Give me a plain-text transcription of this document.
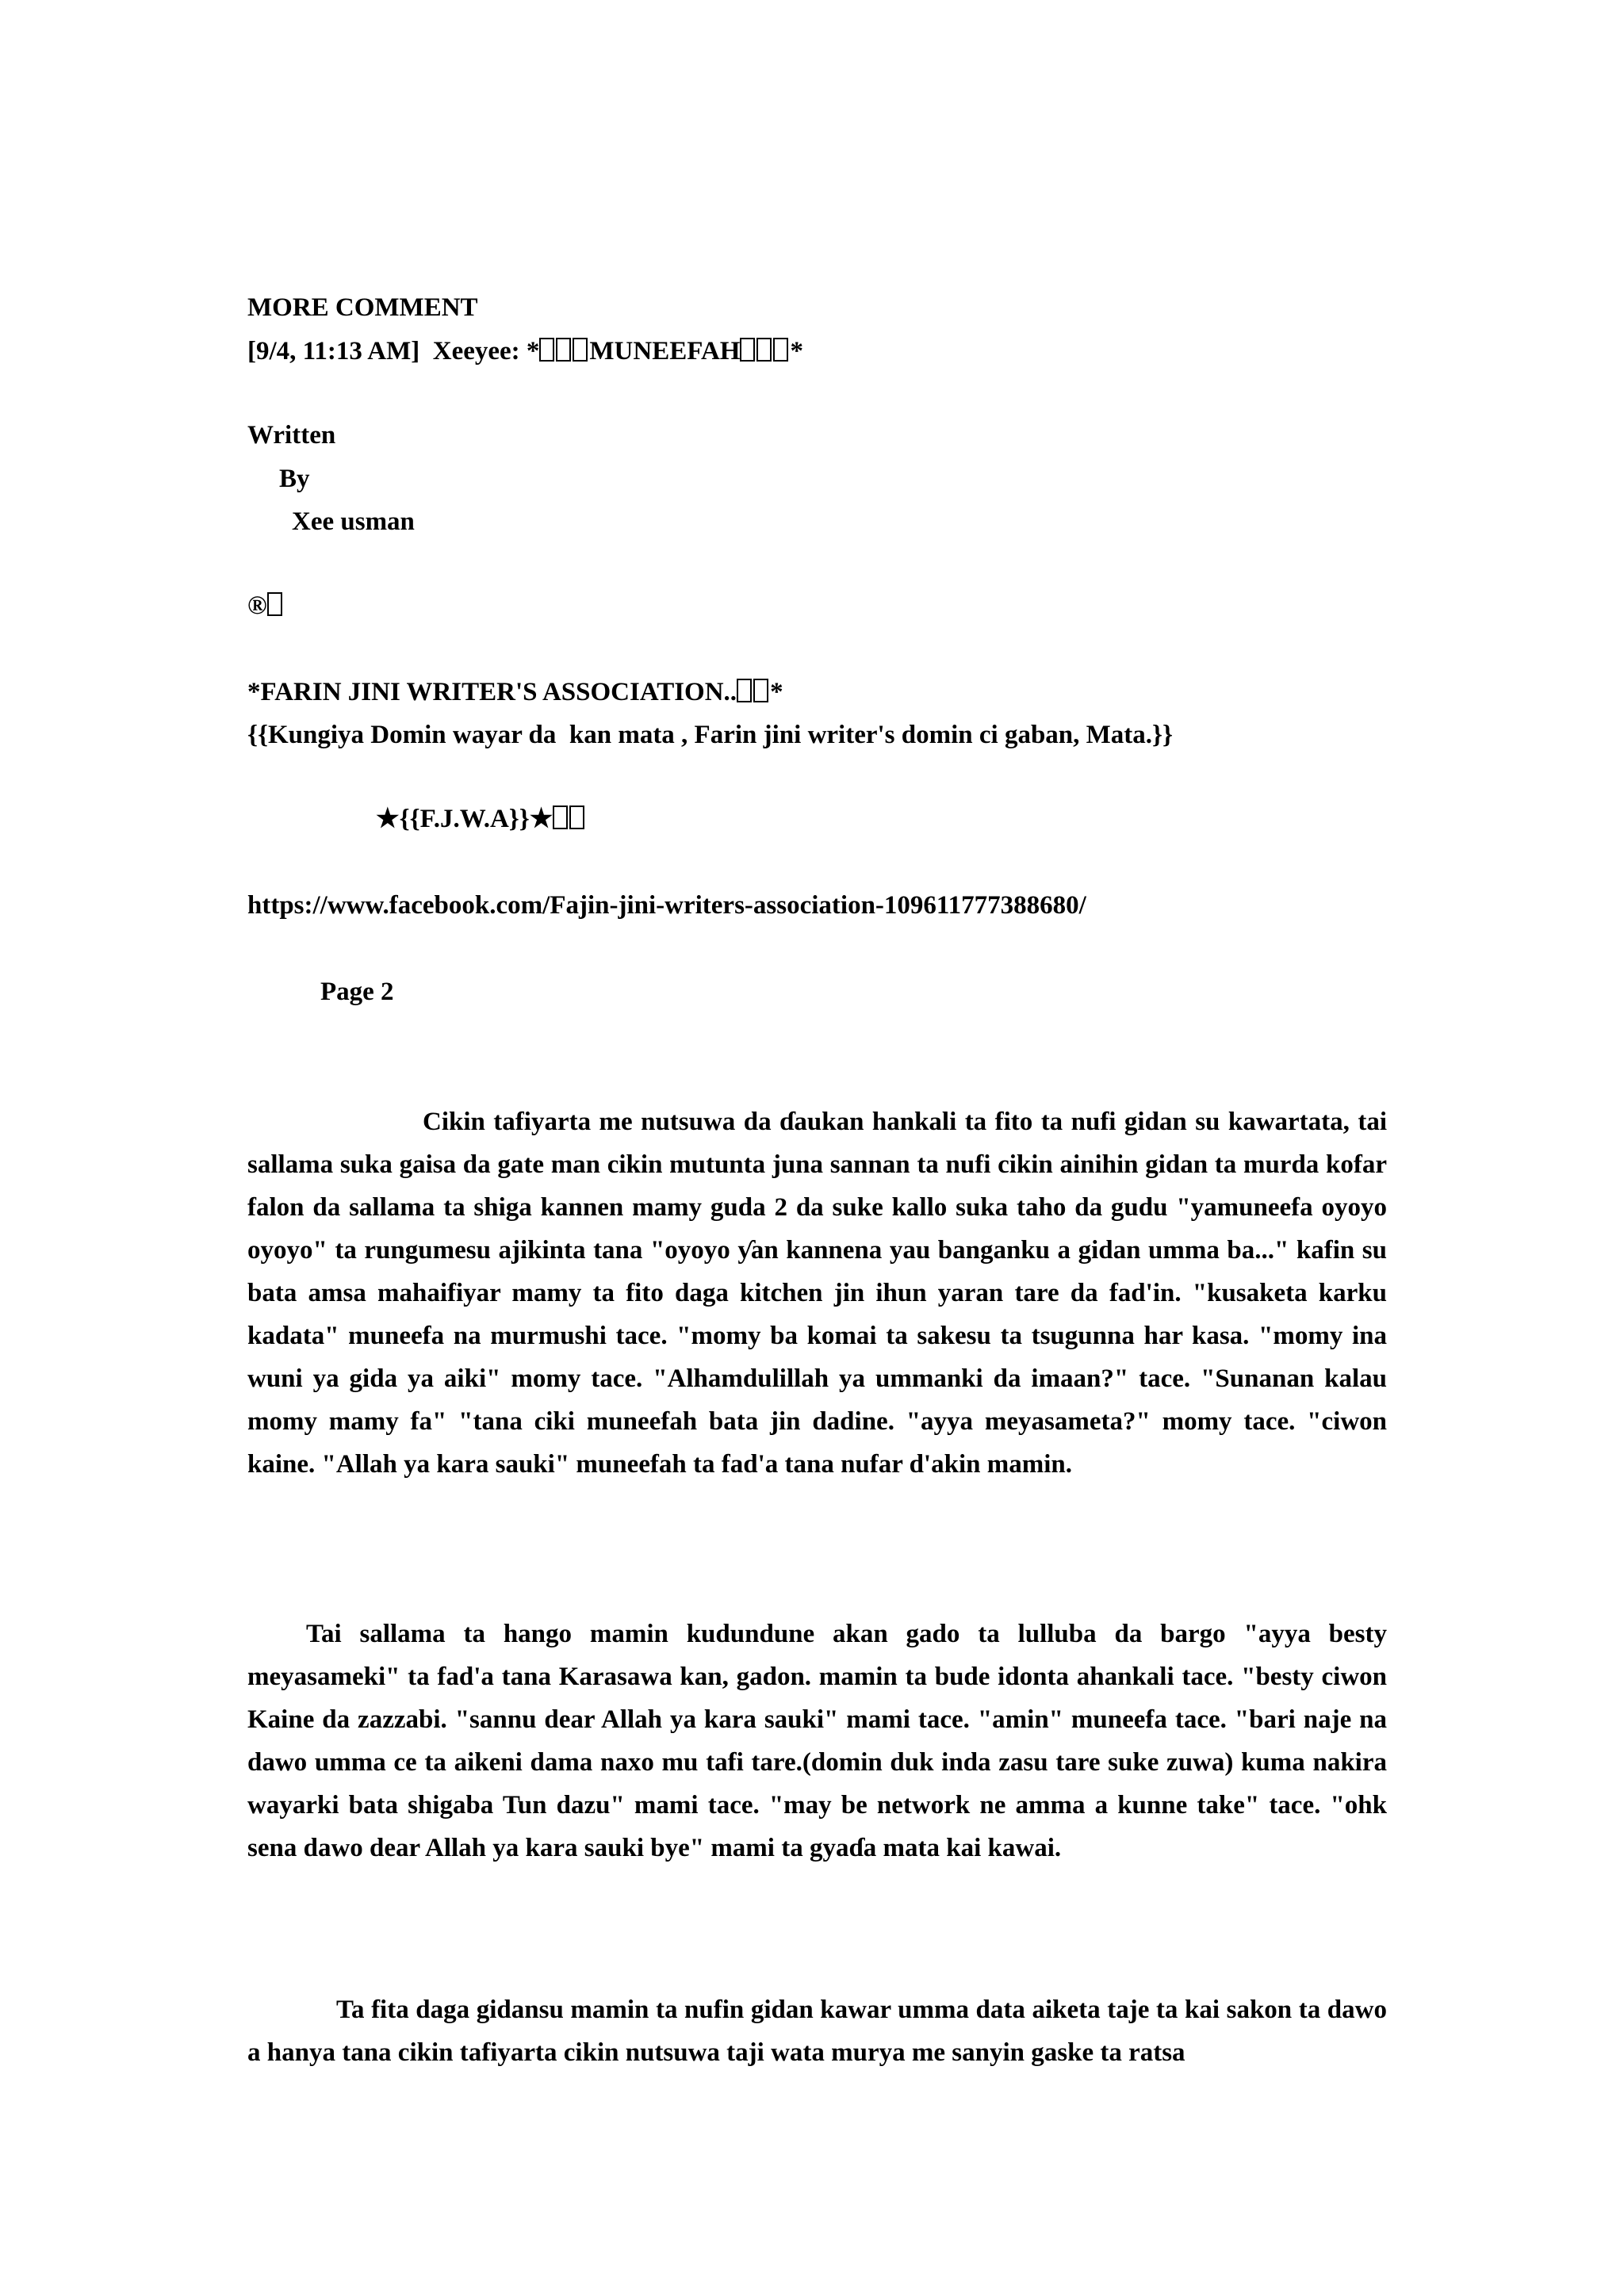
MORE COMMENT
[9/4, 11:13 AM] Xeeyee: * MUNEEFAH *
Written
By
Xee usman
®
*FARIN JINI WRITER'S ASSOCIATION.. *
{{Kungiya Domin wayar da  kan mata , Farin jini writer's domin ci gaban, Mata.}}
★{{F.J.W.A}}★
https://www.facebook.com/Fajin-jini-writers-association-109611777388680/
Page 2

Cikin tafiyarta me nutsuwa da ɗaukan hankali ta fito ta nufi gidan su kawartata, tai sallama suka gaisa da gate man cikin mutunta juna sannan ta nufi cikin ainihin gidan ta murda kofar falon da sallama ta shiga kannen mamy guda 2 da suke kallo suka taho da gudu "yamuneefa oyoyo oyoyo" ta rungumesu ajikinta tana "oyoyo ƴan kannena yau banganku a gidan umma ba..." kafin su bata amsa mahaifiyar mamy ta fito daga kitchen jin ihun yaran tare da fad'in. "kusaketa karku kadata" muneefa na murmushi tace. "momy ba komai ta sakesu ta tsugunna har kasa. "momy ina wuni ya gida ya aiki" momy tace. "Alhamdulillah ya ummanki da imaan?" tace. "Sunanan kalau momy mamy fa" "tana ciki muneefah bata jin dadine. "ayya meyasameta?" momy tace. "ciwon kaine. "Allah ya kara sauki" muneefah ta fad'a tana nufar d'akin mamin.

Tai sallama ta hango mamin kudundune akan gado ta lulluba da bargo "ayya besty meyasameki" ta fad'a tana Karasawa kan, gadon. mamin ta bude idonta ahankali tace. "besty ciwon Kaine da zazzabi. "sannu dear Allah ya kara sauki" mami tace. "amin" muneefa tace. "bari naje na dawo umma ce ta aikeni dama naxo mu tafi tare.(domin duk inda zasu tare suke zuwa) kuma nakira wayarki bata shigaba Tun dazu" mami tace. "may be network ne amma a kunne take" tace. "ohk sena dawo dear Allah ya kara sauki bye" mami ta gyaɗa mata kai kawai.

Ta fita daga gidansu mamin ta nufin gidan kawar umma data aiketa taje ta kai sakon ta dawo a hanya tana cikin tafiyarta cikin nutsuwa taji wata murya me sanyin gaske ta ratsa
